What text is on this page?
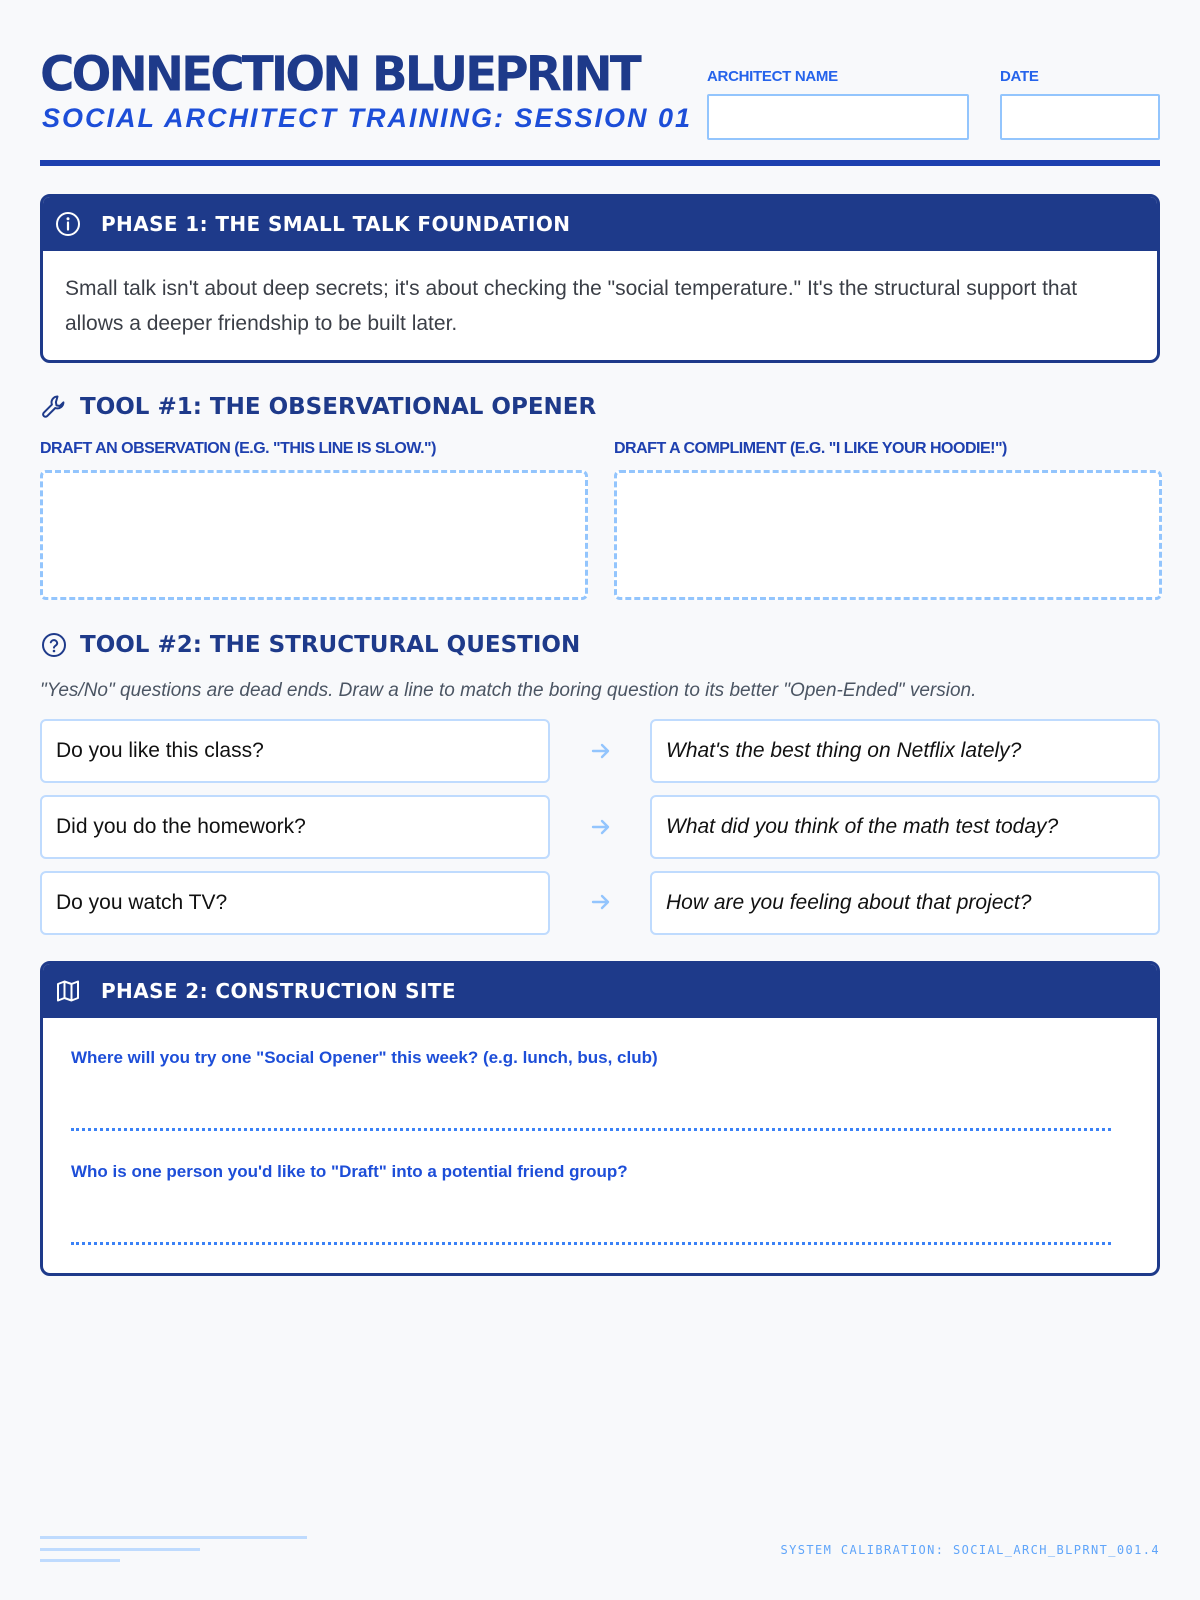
CONNECTION BLUEPRINT
SOCIAL ARCHITECT TRAINING: SESSION 01
ARCHITECT NAME	DATE
PHASE 1: THE SMALL TALK FOUNDATION
Small talk isn't about deep secrets; it's about checking the "social temperature." It's the structural support that allows a deeper friendship to be built later.
TOOL #1: THE OBSERVATIONAL OPENER
DRAFT AN OBSERVATION (E.G. "THIS LINE IS SLOW.")	DRAFT A COMPLIMENT (E.G. "I LIKE YOUR HOODIE!")
TOOL #2: THE STRUCTURAL QUESTION
"Yes/No" questions are dead ends. Draw a line to match the boring question to its better "Open-Ended" version.
Do you like this class?	What's the best thing on Netflix lately?
Did you do the homework?	What did you think of the math test today?
Do you watch TV?	How are you feeling about that project?
PHASE 2: CONSTRUCTION SITE
Where will you try one "Social Opener" this week? (e.g. lunch, bus, club)
Who is one person you'd like to "Draft" into a potential friend group?
SYSTEM CALIBRATION: SOCIAL_ARCH_BLPRNT_001.4
